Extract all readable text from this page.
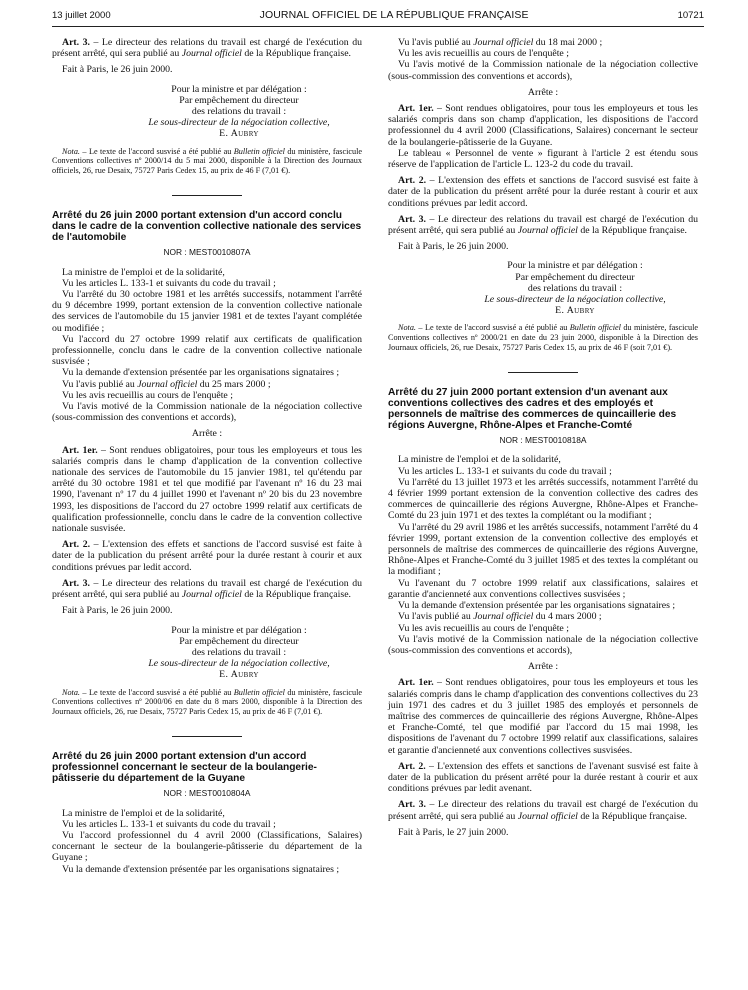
13 juillet 2000	JOURNAL OFFICIEL DE LA RÉPUBLIQUE FRANÇAISE	10721

Art. 3. – Le directeur des relations du travail est chargé de l'exécution du présent arrêté, qui sera publié au Journal officiel de la République française.

Fait à Paris, le 26 juin 2000.

Pour la ministre et par délégation :

Par empêchement du directeur

des relations du travail :

Le sous-directeur de la négociation collective,

E. Aubry

Nota. – Le texte de l'accord susvisé a été publié au Bulletin officiel du ministère, fascicule Conventions collectives nº 2000/14 du 5 mai 2000, disponible à la Direction des Journaux officiels, 26, rue Desaix, 75727 Paris Cedex 15, au prix de 46 F (7,01 €).

Arrêté du 26 juin 2000 portant extension d'un accord conclu dans le cadre de la convention collective nationale des services de l'automobile

NOR : MEST0010807A

La ministre de l'emploi et de la solidarité,

Vu les articles L. 133-1 et suivants du code du travail ;

Vu l'arrêté du 30 octobre 1981 et les arrêtés successifs, notamment l'arrêté du 9 décembre 1999, portant extension de la convention collective nationale des services de l'automobile du 15 janvier 1981 et de textes l'ayant complétée ou modifiée ;

Vu l'accord du 27 octobre 1999 relatif aux certificats de qualification professionnelle, conclu dans le cadre de la convention collective nationale susvisée ;

Vu la demande d'extension présentée par les organisations signataires ;

Vu l'avis publié au Journal officiel du 25 mars 2000 ;

Vu les avis recueillis au cours de l'enquête ;

Vu l'avis motivé de la Commission nationale de la négociation collective (sous-commission des conventions et accords),

Arrête :

Art. 1er. – Sont rendues obligatoires, pour tous les employeurs et tous les salariés compris dans le champ d'application de la convention collective nationale des services de l'automobile du 15 janvier 1981, tel qu'étendu par arrêté du 30 octobre 1981 et tel que modifié par l'avenant nº 16 du 23 mai 1990, l'avenant nº 17 du 4 juillet 1990 et l'avenant nº 20 bis du 23 novembre 1993, les dispositions de l'accord du 27 octobre 1999 relatif aux certificats de qualification professionnelle, conclu dans le cadre de la convention collective nationale susvisée.

Art. 2. – L'extension des effets et sanctions de l'accord susvisé est faite à dater de la publication du présent arrêté pour la durée restant à courir et aux conditions prévues par ledit accord.

Art. 3. – Le directeur des relations du travail est chargé de l'exécution du présent arrêté, qui sera publié au Journal officiel de la République française.

Fait à Paris, le 26 juin 2000.

Pour la ministre et par délégation :

Par empêchement du directeur

des relations du travail :

Le sous-directeur de la négociation collective,

E. Aubry

Nota. – Le texte de l'accord susvisé a été publié au Bulletin officiel du ministère, fascicule Conventions collectives nº 2000/06 en date du 8 mars 2000, disponible à la Direction des Journaux officiels, 26, rue Desaix, 75727 Paris Cedex 15, au prix de 46 F (7,01 €).

Arrêté du 26 juin 2000 portant extension d'un accord professionnel concernant le secteur de la boulangerie-pâtisserie du département de la Guyane

NOR : MEST0010804A

La ministre de l'emploi et de la solidarité,

Vu les articles L. 133-1 et suivants du code du travail ;

Vu l'accord professionnel du 4 avril 2000 (Classifications, Salaires) concernant le secteur de la boulangerie-pâtisserie du département de la Guyane ;

Vu la demande d'extension présentée par les organisations signataires ;

Vu l'avis publié au Journal officiel du 18 mai 2000 ;

Vu les avis recueillis au cours de l'enquête ;

Vu l'avis motivé de la Commission nationale de la négociation collective (sous-commission des conventions et accords),

Arrête :

Art. 1er. – Sont rendues obligatoires, pour tous les employeurs et tous les salariés compris dans son champ d'application, les dispositions de l'accord professionnel du 4 avril 2000 (Classifications, Salaires) concernant le secteur de la boulangerie-pâtisserie de la Guyane.

Le tableau « Personnel de vente » figurant à l'article 2 est étendu sous réserve de l'application de l'article L. 123-2 du code du travail.

Art. 2. – L'extension des effets et sanctions de l'accord susvisé est faite à dater de la publication du présent arrêté pour la durée restant à courir et aux conditions prévues par ledit accord.

Art. 3. – Le directeur des relations du travail est chargé de l'exécution du présent arrêté, qui sera publié au Journal officiel de la République française.

Fait à Paris, le 26 juin 2000.

Pour la ministre et par délégation :

Par empêchement du directeur

des relations du travail :

Le sous-directeur de la négociation collective,

E. Aubry

Nota. – Le texte de l'accord susvisé a été publié au Bulletin officiel du ministère, fascicule Conventions collectives nº 2000/21 en date du 23 juin 2000, disponible à la Direction des Journaux officiels, 26, rue Desaix, 75727 Paris Cedex 15, au prix de 46 F (soit 7,01 €).

Arrêté du 27 juin 2000 portant extension d'un avenant aux conventions collectives des cadres et des employés et personnels de maîtrise des commerces de quincaillerie des régions Auvergne, Rhône-Alpes et Franche-Comté

NOR : MEST0010818A

La ministre de l'emploi et de la solidarité,

Vu les articles L. 133-1 et suivants du code du travail ;

Vu l'arrêté du 13 juillet 1973 et les arrêtés successifs, notamment l'arrêté du 4 février 1999 portant extension de la convention collective des cadres des commerces de quincaillerie des régions Auvergne, Rhône-Alpes et Franche-Comté du 23 juin 1971 et des textes la complétant ou la modifiant ;

Vu l'arrêté du 29 avril 1986 et les arrêtés successifs, notamment l'arrêté du 4 février 1999, portant extension de la convention collective des employés et personnels de maîtrise des commerces de quincaillerie des régions Auvergne, Rhône-Alpes et Franche-Comté du 3 juillet 1985 et des textes la complétant ou la modifiant ;

Vu l'avenant du 7 octobre 1999 relatif aux classifications, salaires et garantie d'ancienneté aux conventions collectives susvisées ;

Vu la demande d'extension présentée par les organisations signataires ;

Vu l'avis publié au Journal officiel du 4 mars 2000 ;

Vu les avis recueillis au cours de l'enquête ;

Vu l'avis motivé de la Commission nationale de la négociation collective (sous-commission des conventions et accords),

Arrête :

Art. 1er. – Sont rendues obligatoires, pour tous les employeurs et tous les salariés compris dans le champ d'application des conventions collectives du 23 juin 1971 des cadres et du 3 juillet 1985 des employés et personnels de maîtrise des commerces de quincaillerie des régions Auvergne, Rhône-Alpes et Franche-Comté, tel que modifié par l'accord du 15 mai 1998, les dispositions de l'avenant du 7 octobre 1999 relatif aux classifications, salaires et garantie d'ancienneté aux conventions collectives susvisées.

Art. 2. – L'extension des effets et sanctions de l'avenant susvisé est faite à dater de la publication du présent arrêté pour la durée restant à courir et aux conditions prévues par ledit avenant.

Art. 3. – Le directeur des relations du travail est chargé de l'exécution du présent arrêté, qui sera publié au Journal officiel de la République française.

Fait à Paris, le 27 juin 2000.
